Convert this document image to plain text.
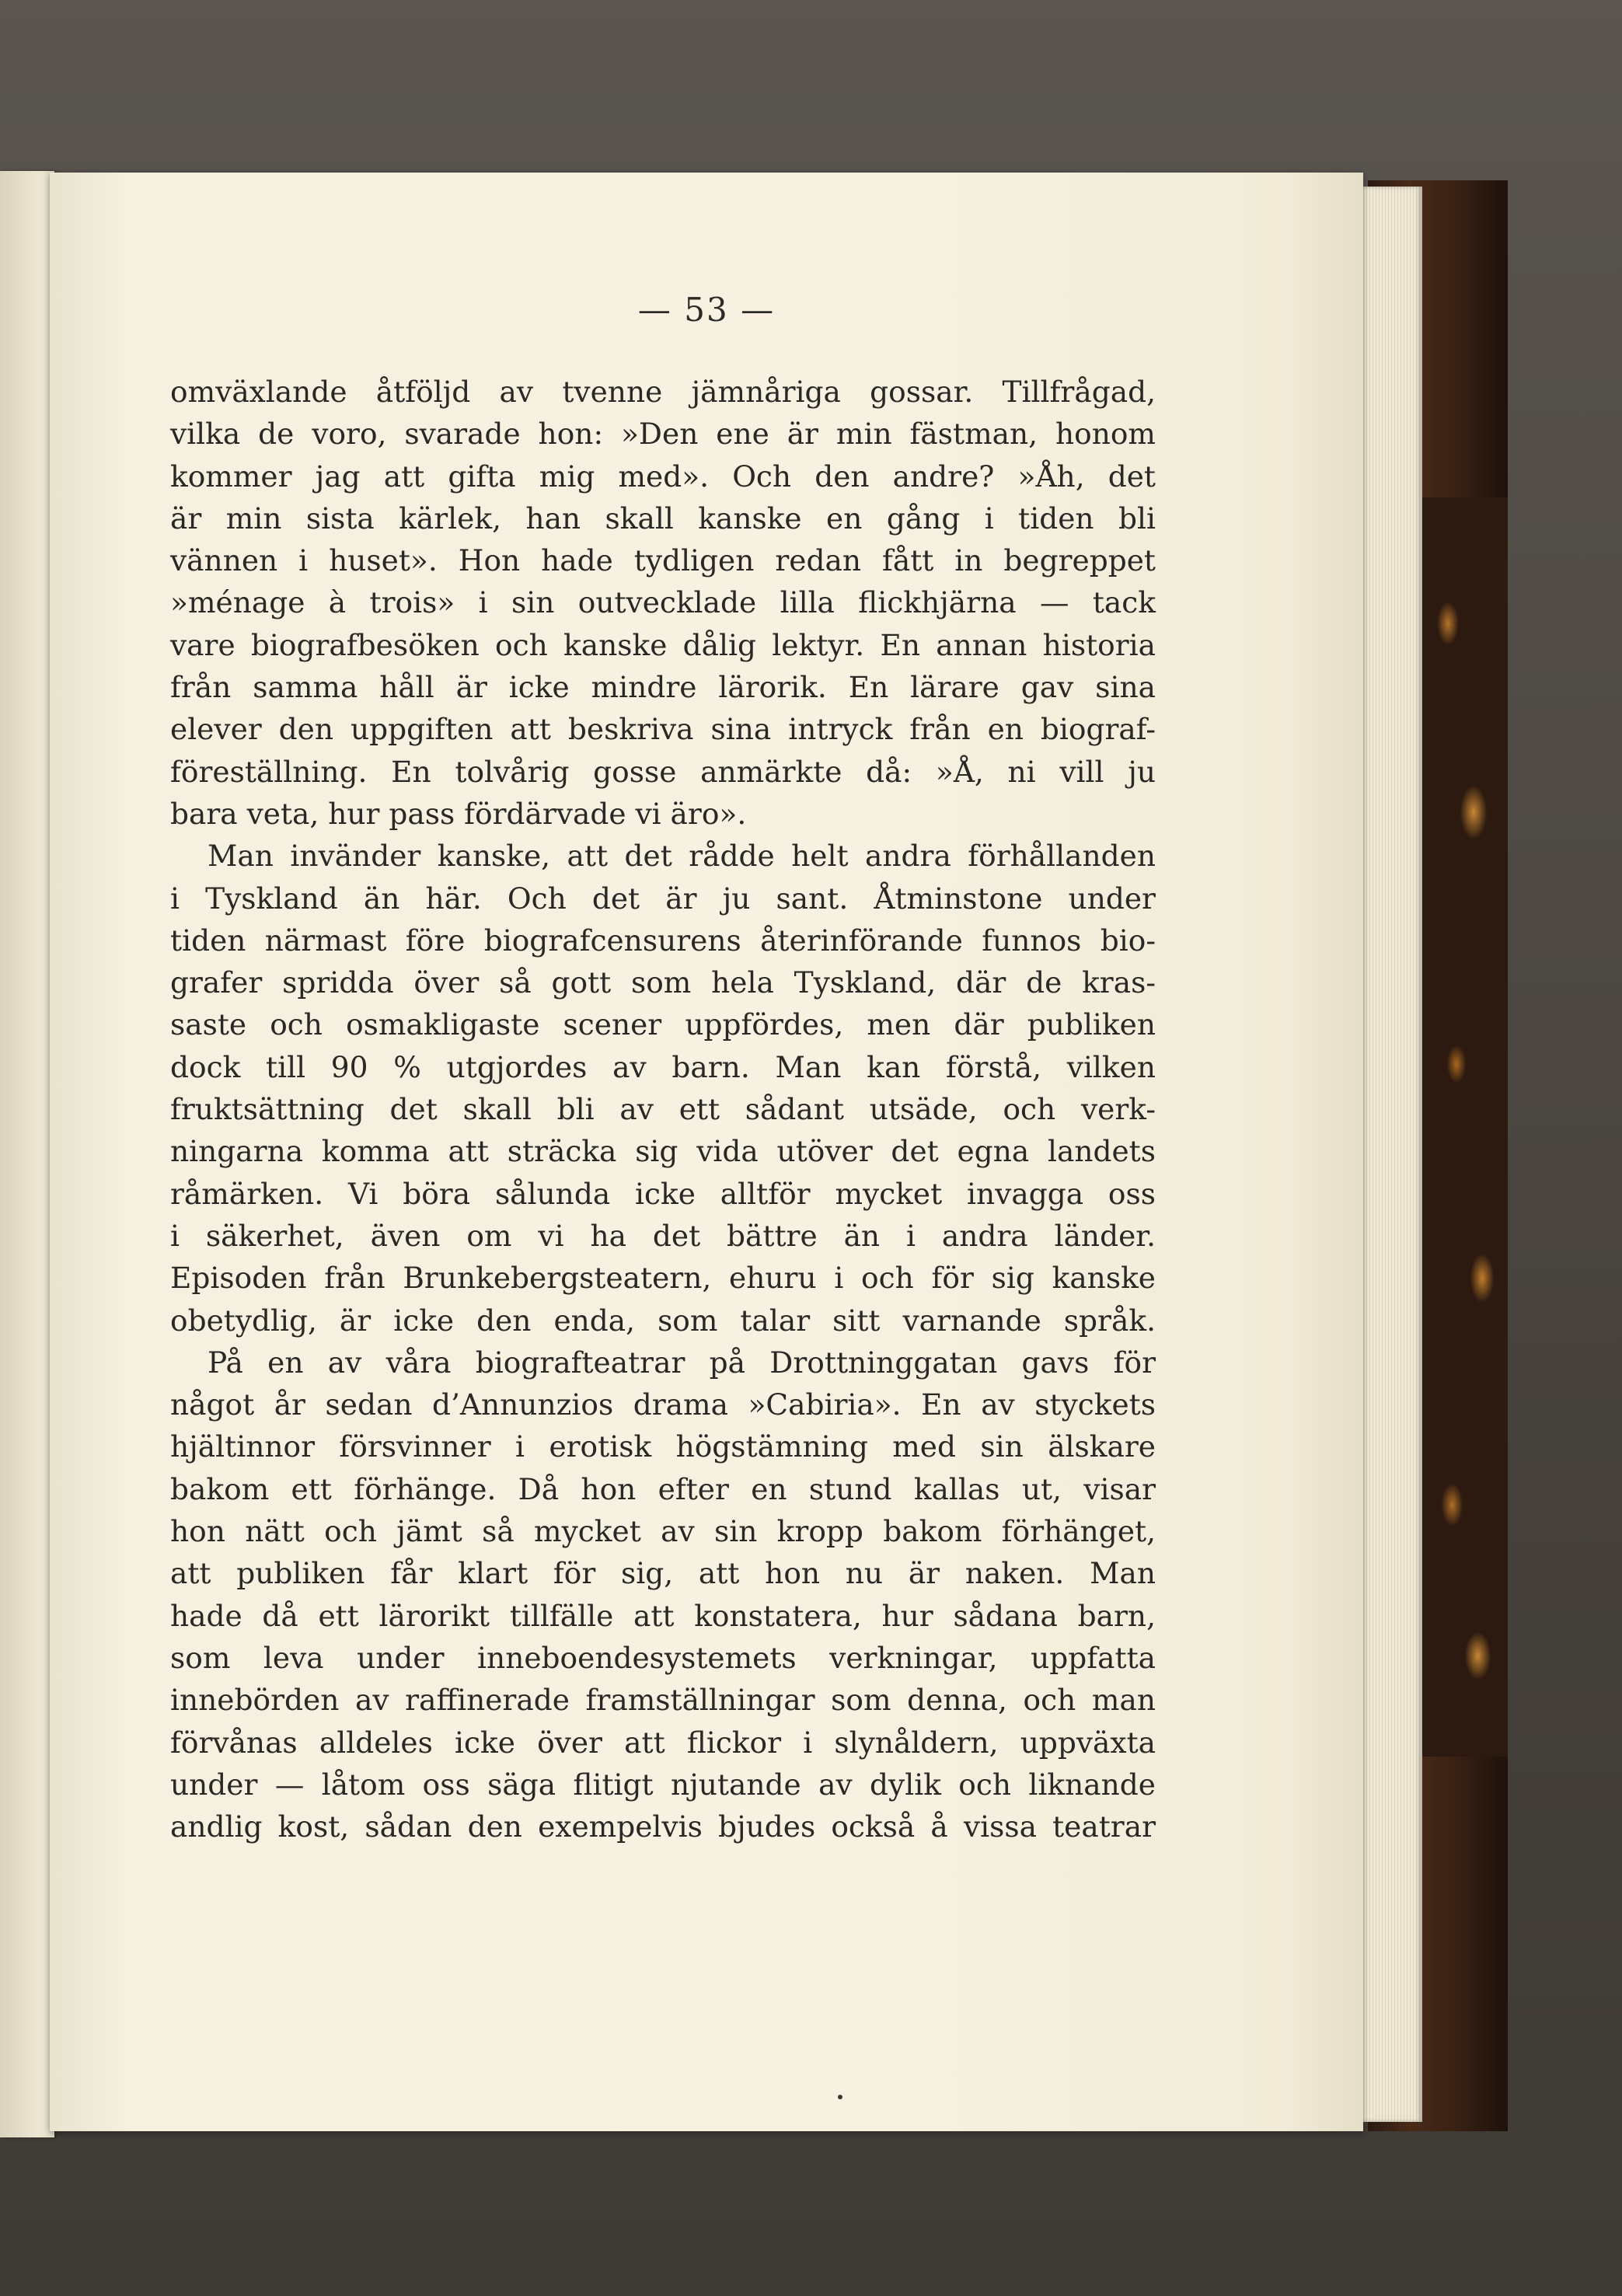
— 53 —
omväxlande åtföljd av tvenne jämnåriga gossar. Tillfrågad,
vilka de voro, svarade hon: »Den ene är min fästman, honom
kommer jag att gifta mig med». Och den andre? »Åh, det
är min sista kärlek, han skall kanske en gång i tiden bli
vännen i huset». Hon hade tydligen redan fått in begreppet
»ménage à trois» i sin outvecklade lilla flickhjärna — tack
vare biografbesöken och kanske dålig lektyr. En annan historia
från samma håll är icke mindre lärorik. En lärare gav sina
elever den uppgiften att beskriva sina intryck från en biograf-
föreställning. En tolvårig gosse anmärkte då: »Å, ni vill ju
bara veta, hur pass fördärvade vi äro».
Man invänder kanske, att det rådde helt andra förhållanden
i Tyskland än här. Och det är ju sant. Åtminstone under
tiden närmast före biografcensurens återinförande funnos bio-
grafer spridda över så gott som hela Tyskland, där de kras-
saste och osmakligaste scener uppfördes, men där publiken
dock till 90 % utgjordes av barn. Man kan förstå, vilken
fruktsättning det skall bli av ett sådant utsäde, och verk-
ningarna komma att sträcka sig vida utöver det egna landets
råmärken. Vi böra sålunda icke alltför mycket invagga oss
i säkerhet, även om vi ha det bättre än i andra länder.
Episoden från Brunkebergsteatern, ehuru i och för sig kanske
obetydlig, är icke den enda, som talar sitt varnande språk.
På en av våra biografteatrar på Drottninggatan gavs för
något år sedan d’Annunzios drama »Cabiria». En av styckets
hjältinnor försvinner i erotisk högstämning med sin älskare
bakom ett förhänge. Då hon efter en stund kallas ut, visar
hon nätt och jämt så mycket av sin kropp bakom förhänget,
att publiken får klart för sig, att hon nu är naken. Man
hade då ett lärorikt tillfälle att konstatera, hur sådana barn,
som leva under inneboendesystemets verkningar, uppfatta
innebörden av raffinerade framställningar som denna, och man
förvånas alldeles icke över att flickor i slynåldern, uppväxta
under — låtom oss säga flitigt njutande av dylik och liknande
andlig kost, sådan den exempelvis bjudes också å vissa teatrar
